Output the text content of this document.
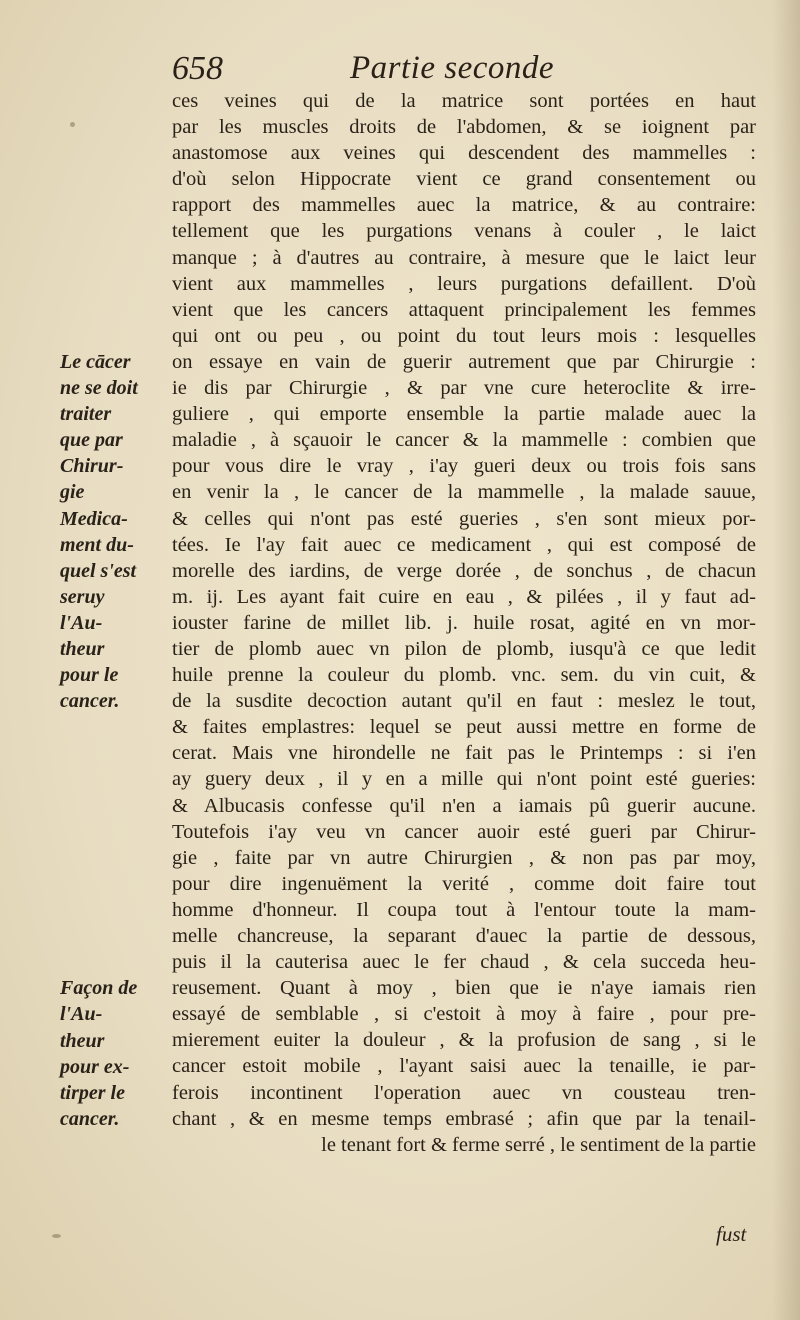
658	Partie seconde
ces veines qui de la matrice sont portées en haut
par les muscles droits de l'abdomen, & se ioignent par
anastomose aux veines qui descendent des mammelles :
d'où selon Hippocrate vient ce grand consentement ou
rapport des mammelles auec la matrice, & au contraire:
tellement que les purgations venans à couler , le laict
manque ; à d'autres au contraire, à mesure que le laict leur
vient aux mammelles , leurs purgations defaillent. D'où
vient que les cancers attaquent principalement les femmes
qui ont ou peu , ou point du tout leurs mois : lesquelles
on essaye en vain de guerir autrement que par Chirurgie :
ie dis par Chirurgie , & par vne cure heteroclite & irre-
guliere , qui emporte ensemble la partie malade auec la
maladie , à sçauoir le cancer & la mammelle : combien que
pour vous dire le vray , i'ay gueri deux ou trois fois sans
en venir la , le cancer de la mammelle , la malade sauue,
& celles qui n'ont pas esté gueries , s'en sont mieux por-
tées. Ie l'ay fait auec ce medicament , qui est composé de
morelle des iardins, de verge dorée , de sonchus , de chacun
m. ij. Les ayant fait cuire en eau , & pilées , il y faut ad-
iouster farine de millet lib. j. huile rosat, agité en vn mor-
tier de plomb auec vn pilon de plomb, iusqu'à ce que ledit
huile prenne la couleur du plomb. vnc. sem. du vin cuit, &
de la susdite decoction autant qu'il en faut : meslez le tout,
& faites emplastres: lequel se peut aussi mettre en forme de
cerat. Mais vne hirondelle ne fait pas le Printemps : si i'en
ay guery deux , il y en a mille qui n'ont point esté gueries:
& Albucasis confesse qu'il n'en a iamais pû guerir aucune.
Toutefois i'ay veu vn cancer auoir esté gueri par Chirur-
gie , faite par vn autre Chirurgien , & non pas par moy,
pour dire ingenuëment la verité , comme doit faire tout
homme d'honneur. Il coupa tout à l'entour toute la mam-
melle chancreuse, la separant d'auec la partie de dessous,
puis il la cauterisa auec le fer chaud , & cela succeda heu-
reusement. Quant à moy , bien que ie n'aye iamais rien
essayé de semblable , si c'estoit à moy à faire , pour pre-
mierement euiter la douleur , & la profusion de sang , si le
cancer estoit mobile , l'ayant saisi auec la tenaille, ie par-
ferois incontinent l'operation auec vn cousteau tren-
chant , & en mesme temps embrasé ; afin que par la tenail-
le tenant fort & ferme serré , le sentiment de la partie
Le cācer
ne se doit
traiter
que par
Chirur-
gie
Medica-
ment du-
quel s'est
seruy
l'Au-
theur
pour le
cancer.
Façon de
l'Au-
theur
pour ex-
tirper le
cancer.
fust
